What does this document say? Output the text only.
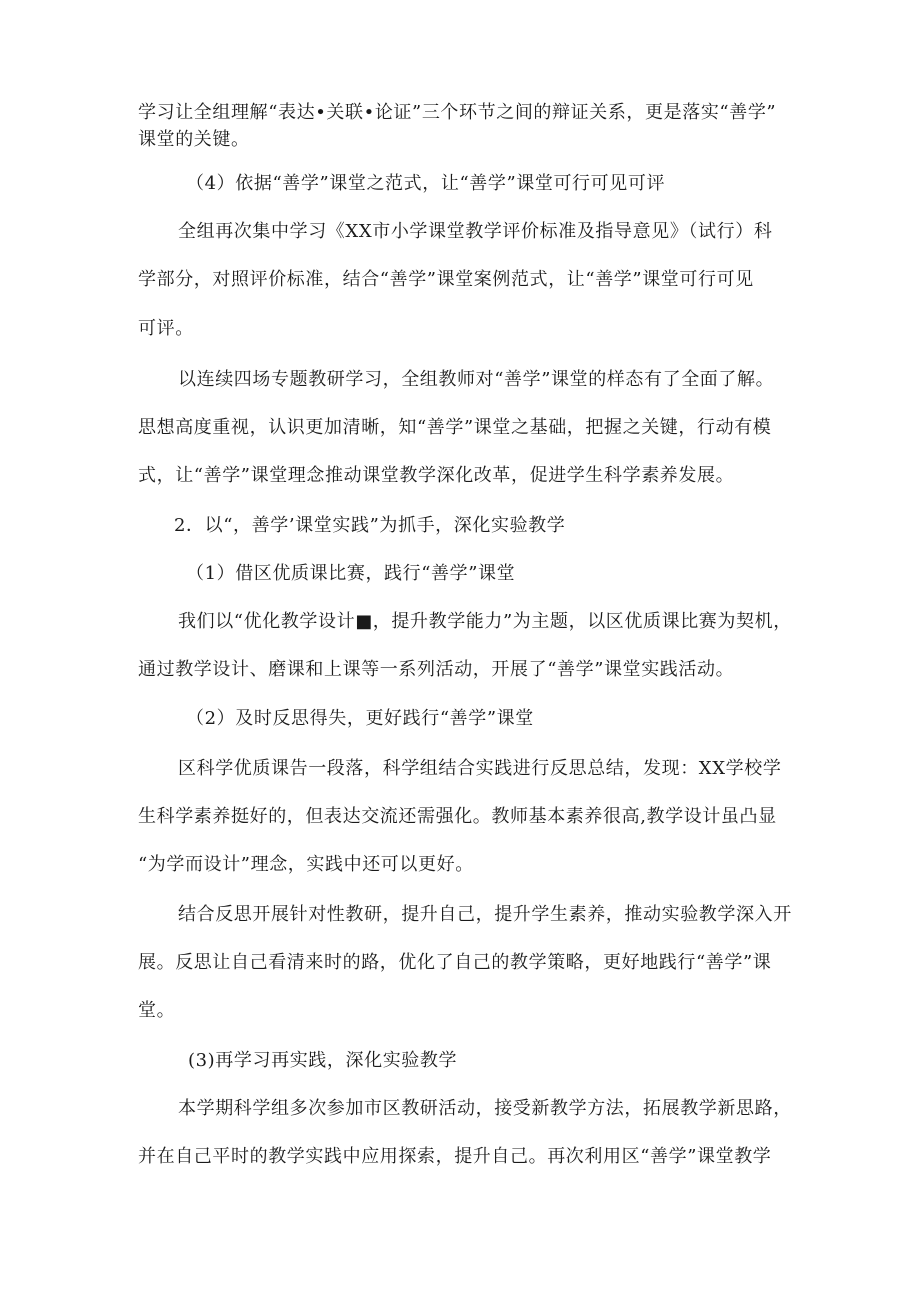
学习让全组理解“表达•关联•论证”三个环节之间的辩证关系，更是落实“善学”

课堂的关键。

（4）依据“善学”课堂之范式，让“善学”课堂可行可见可评

全组再次集中学习《XX市小学课堂教学评价标准及指导意见》（试行）科

学部分，对照评价标准，结合“善学”课堂案例范式，让“善学”课堂可行可见

可评。

以连续四场专题教研学习，全组教师对“善学”课堂的样态有了全面了解。

思想高度重视，认识更加清晰，知“善学”课堂之基础，把握之关键，行动有模

式，让“善学”课堂理念推动课堂教学深化改革，促进学生科学素养发展。

2．以“，善学’课堂实践”为抓手，深化实验教学

（1）借区优质课比赛，践行“善学”课堂

我们以“优化教学设计■，提升教学能力”为主题，以区优质课比赛为契机，

通过教学设计、磨课和上课等一系列活动，开展了“善学”课堂实践活动。

（2）及时反思得失，更好践行“善学”课堂

区科学优质课告一段落，科学组结合实践进行反思总结，发现：XX学校学

生科学素养挺好的，但表达交流还需强化。教师基本素养很高,教学设计虽凸显

“为学而设计”理念，实践中还可以更好。

结合反思开展针对性教研，提升自己，提升学生素养，推动实验教学深入开

展。反思让自己看清来时的路，优化了自己的教学策略，更好地践行“善学”课

堂。

(3)再学习再实践，深化实验教学

本学期科学组多次参加市区教研活动，接受新教学方法，拓展教学新思路，

并在自己平时的教学实践中应用探索，提升自己。再次利用区“善学”课堂教学
